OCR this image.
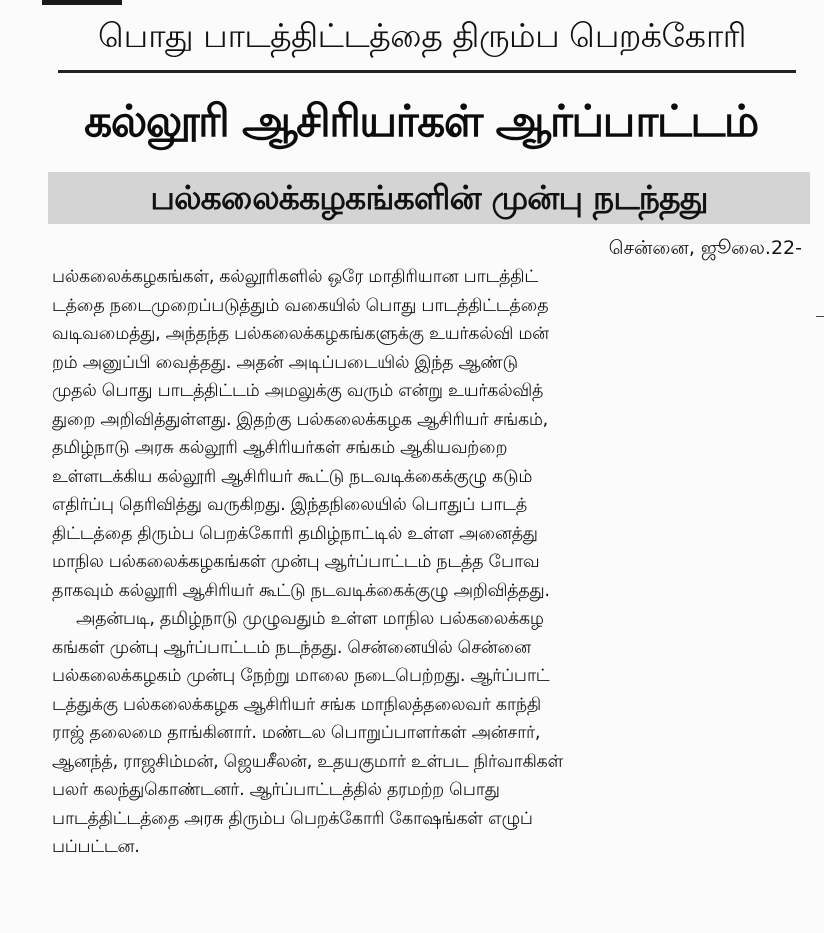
பொது பாடத்திட்டத்தை திரும்ப பெறக்கோரி
கல்லூரி ஆசிரியர்கள் ஆர்ப்பாட்டம்
பல்கலைக்கழகங்களின் முன்பு நடந்தது
சென்னை, ஜூலை.22-
பல்கலைக்கழகங்கள், கல்லூரிகளில் ஒரே மாதிரியான பாடத்திட்
டத்தை நடைமுறைப்படுத்தும் வகையில் பொது பாடத்திட்டத்தை
வடிவமைத்து, அந்தந்த பல்கலைக்கழகங்களுக்கு உயர்கல்வி மன்
றம் அனுப்பி வைத்தது. அதன் அடிப்படையில் இந்த ஆண்டு
முதல் பொது பாடத்திட்டம் அமலுக்கு வரும் என்று உயர்கல்வித்
துறை அறிவித்துள்ளது. இதற்கு பல்கலைக்கழக ஆசிரியர் சங்கம்,
தமிழ்நாடு அரசு கல்லூரி ஆசிரியர்கள் சங்கம் ஆகியவற்றை
உள்ளடக்கிய கல்லூரி ஆசிரியர் கூட்டு நடவடிக்கைக்குழு கடும்
எதிர்ப்பு தெரிவித்து வருகிறது. இந்தநிலையில் பொதுப் பாடத்
திட்டத்தை திரும்ப பெறக்கோரி தமிழ்நாட்டில் உள்ள அனைத்து
மாநில பல்கலைக்கழகங்கள் முன்பு ஆர்ப்பாட்டம் நடத்த போவ
தாகவும் கல்லூரி ஆசிரியர் கூட்டு நடவடிக்கைக்குழு அறிவித்தது.
அதன்படி, தமிழ்நாடு முழுவதும் உள்ள மாநில பல்கலைக்கழ
கங்கள் முன்பு ஆர்ப்பாட்டம் நடந்தது. சென்னையில் சென்னை
பல்கலைக்கழகம் முன்பு நேற்று மாலை நடைபெற்றது. ஆர்ப்பாட்
டத்துக்கு பல்கலைக்கழக ஆசிரியர் சங்க மாநிலத்தலைவர் காந்தி
ராஜ் தலைமை தாங்கினார். மண்டல பொறுப்பாளர்கள் அன்சார்,
ஆனந்த், ராஜசிம்மன், ஜெயசீலன், உதயகுமார் உள்பட நிர்வாகிகள்
பலர் கலந்துகொண்டனர். ஆர்ப்பாட்டத்தில் தரமற்ற பொது
பாடத்திட்டத்தை அரசு திரும்ப பெறக்கோரி கோஷங்கள் எழுப்
பப்பட்டன.
